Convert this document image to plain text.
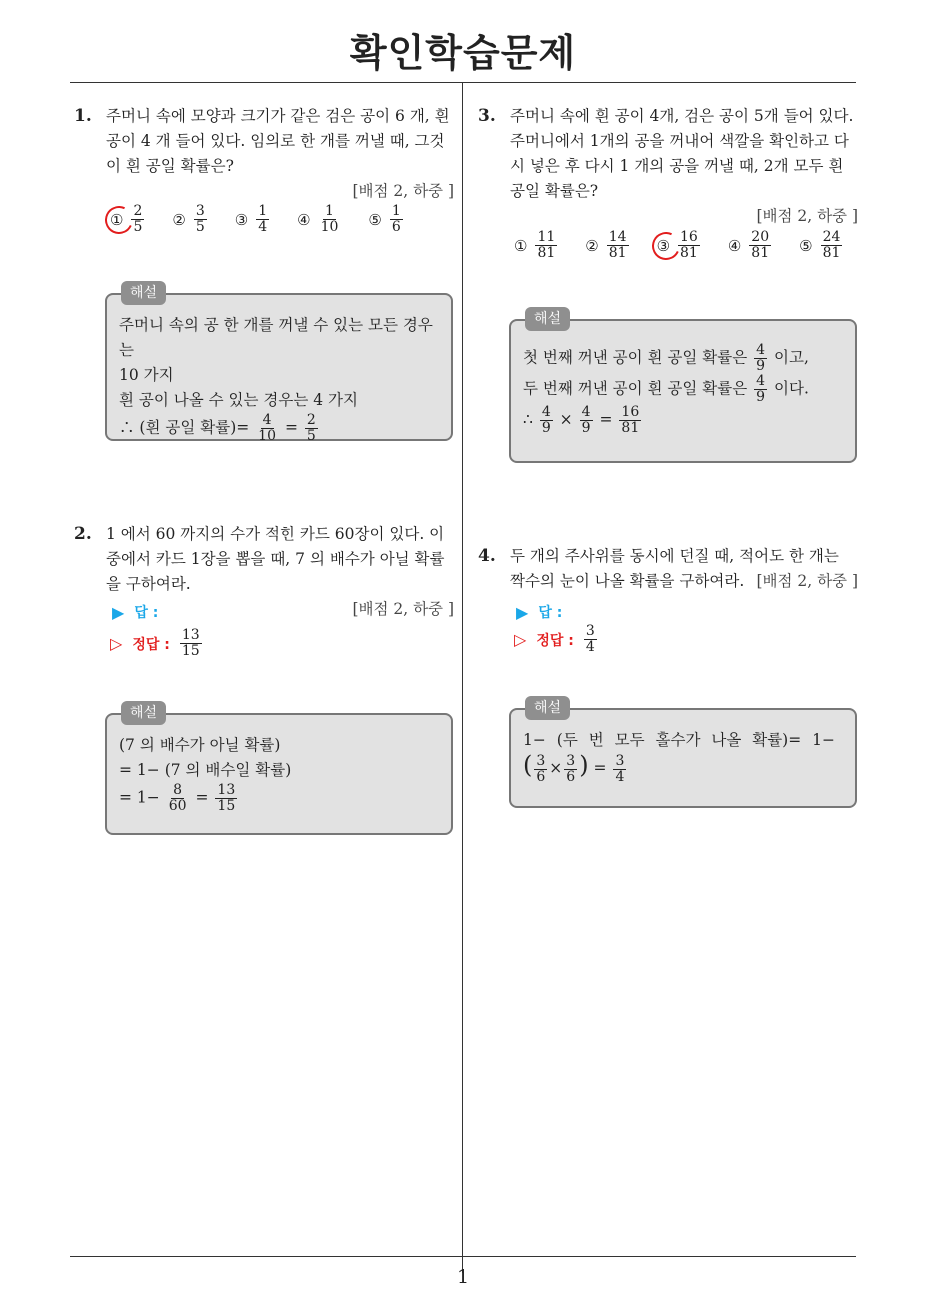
확인학습문제
1. 주머니 속에 모양과 크기가 같은 검은 공이 6 개, 흰 공이 4 개 들어 있다. 임의로 한 개를 꺼낼 때, 그것이 흰 공일 확률은?
[배점 2, 하중 ]
① $\frac{2}{5}$ ② $\frac{3}{5}$ ③ $\frac{1}{4}$ ④ $\frac{1}{10}$ ⑤ $\frac{1}{6}$
해설
주머니 속의 공 한 개를 꺼낼 수 있는 모든 경우는
10 가지
흰 공이 나올 수 있는 경우는 4 가지
∴ (흰 공일 확률)= $\frac{4}{10} = \frac{2}{5}$
2. 1 에서 60 까지의 수가 적힌 카드 60장이 있다. 이 중에서 카드 1장을 뽑을 때, 7 의 배수가 아닐 확률을 구하여라.
[배점 2, 하중 ]
▶ 답 :
▷ 정답 : $\frac{13}{15}$
해설
(7 의 배수가 아닐 확률)
= 1− (7 의 배수일 확률)
= $1- \frac{8}{60} = \frac{13}{15}$
3. 주머니 속에 흰 공이 4개, 검은 공이 5개 들어 있다. 주머니에서 1개의 공을 꺼내어 색깔을 확인하고 다시 넣은 후 다시 1 개의 공을 꺼낼 때, 2개 모두 흰 공일 확률은?
[배점 2, 하중 ]
① $\frac{11}{81}$ ② $\frac{14}{81}$ ③ $\frac{16}{81}$ ④ $\frac{20}{81}$ ⑤ $\frac{24}{81}$
해설
첫 번째 꺼낸 공이 흰 공일 확률은 $\frac{4}{9}$ 이고,
두 번째 꺼낸 공이 흰 공일 확률은 $\frac{4}{9}$ 이다.
∴ $\frac{4}{9} \times \frac{4}{9} = \frac{16}{81}$
4. 두 개의 주사위를 동시에 던질 때, 적어도 한 개는 짝수의 눈이 나올 확률을 구하여라. [배점 2, 하중 ]
▶ 답 :
▷ 정답 : $\frac{3}{4}$
해설
1− (두 번 모두 홀수가 나올 확률)= 1−
( $\frac{3}{6} \times \frac{3}{6}$ ) = $\frac{3}{4}$
1
